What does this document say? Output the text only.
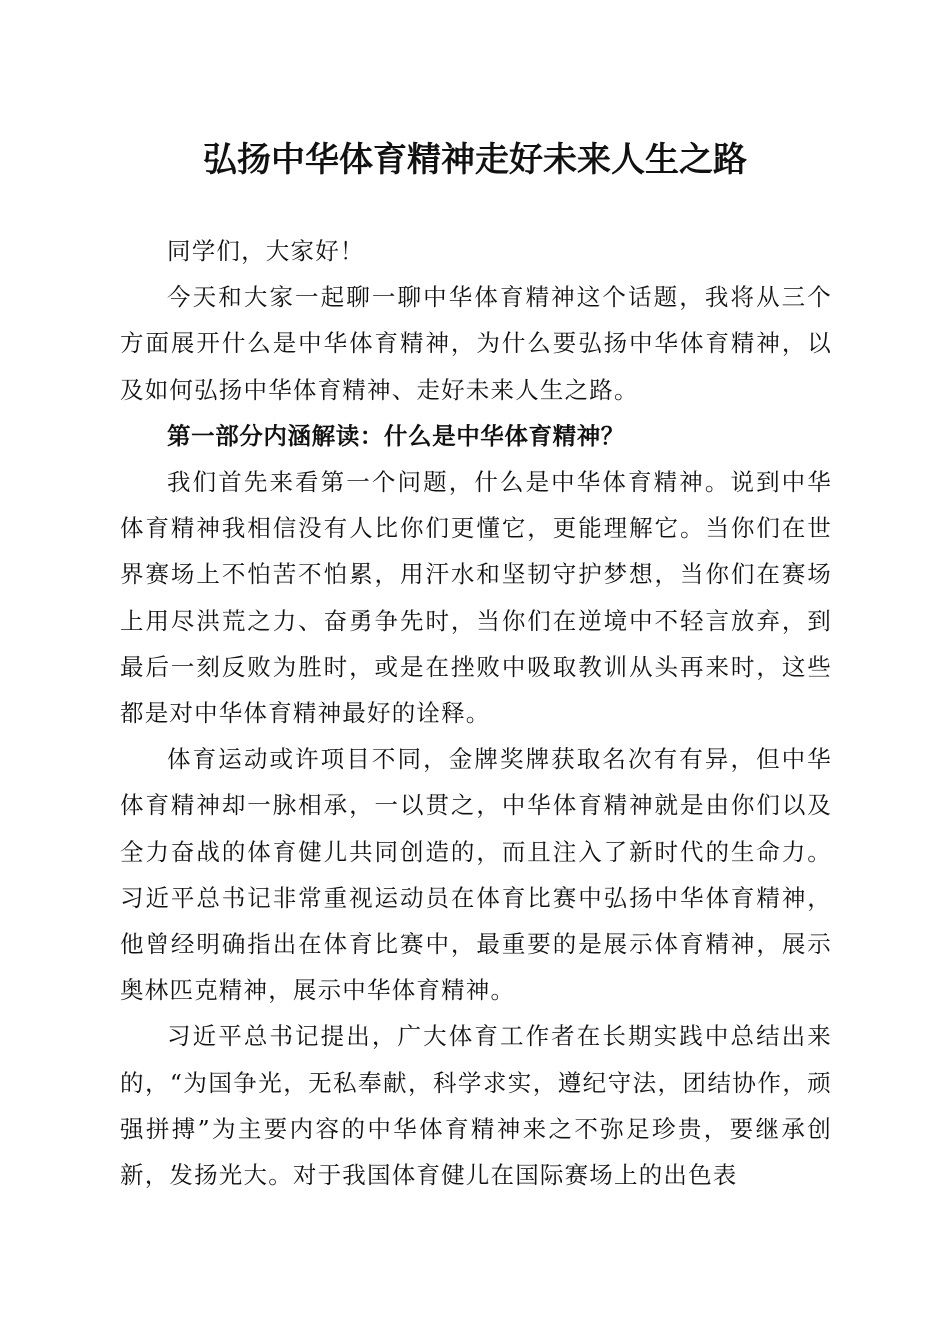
弘扬中华体育精神走好未来人生之路

同学们，大家好！

今天和大家一起聊一聊中华体育精神这个话题，我将从三个方面展开什么是中华体育精神，为什么要弘扬中华体育精神，以及如何弘扬中华体育精神、走好未来人生之路。

第一部分内涵解读：什么是中华体育精神？

我们首先来看第一个问题，什么是中华体育精神。说到中华体育精神我相信没有人比你们更懂它，更能理解它。当你们在世界赛场上不怕苦不怕累，用汗水和坚韧守护梦想，当你们在赛场上用尽洪荒之力、奋勇争先时，当你们在逆境中不轻言放弃，到最后一刻反败为胜时，或是在挫败中吸取教训从头再来时，这些都是对中华体育精神最好的诠释。

体育运动或许项目不同，金牌奖牌获取名次有有异，但中华体育精神却一脉相承，一以贯之，中华体育精神就是由你们以及全力奋战的体育健儿共同创造的，而且注入了新时代的生命力。习近平总书记非常重视运动员在体育比赛中弘扬中华体育精神，他曾经明确指出在体育比赛中，最重要的是展示体育精神，展示奥林匹克精神，展示中华体育精神。

习近平总书记提出，广大体育工作者在长期实践中总结出来的，“为国争光，无私奉献，科学求实，遵纪守法，团结协作，顽强拼搏”为主要内容的中华体育精神来之不弥足珍贵，要继承创新，发扬光大。对于我国体育健儿在国际赛场上的出色表
